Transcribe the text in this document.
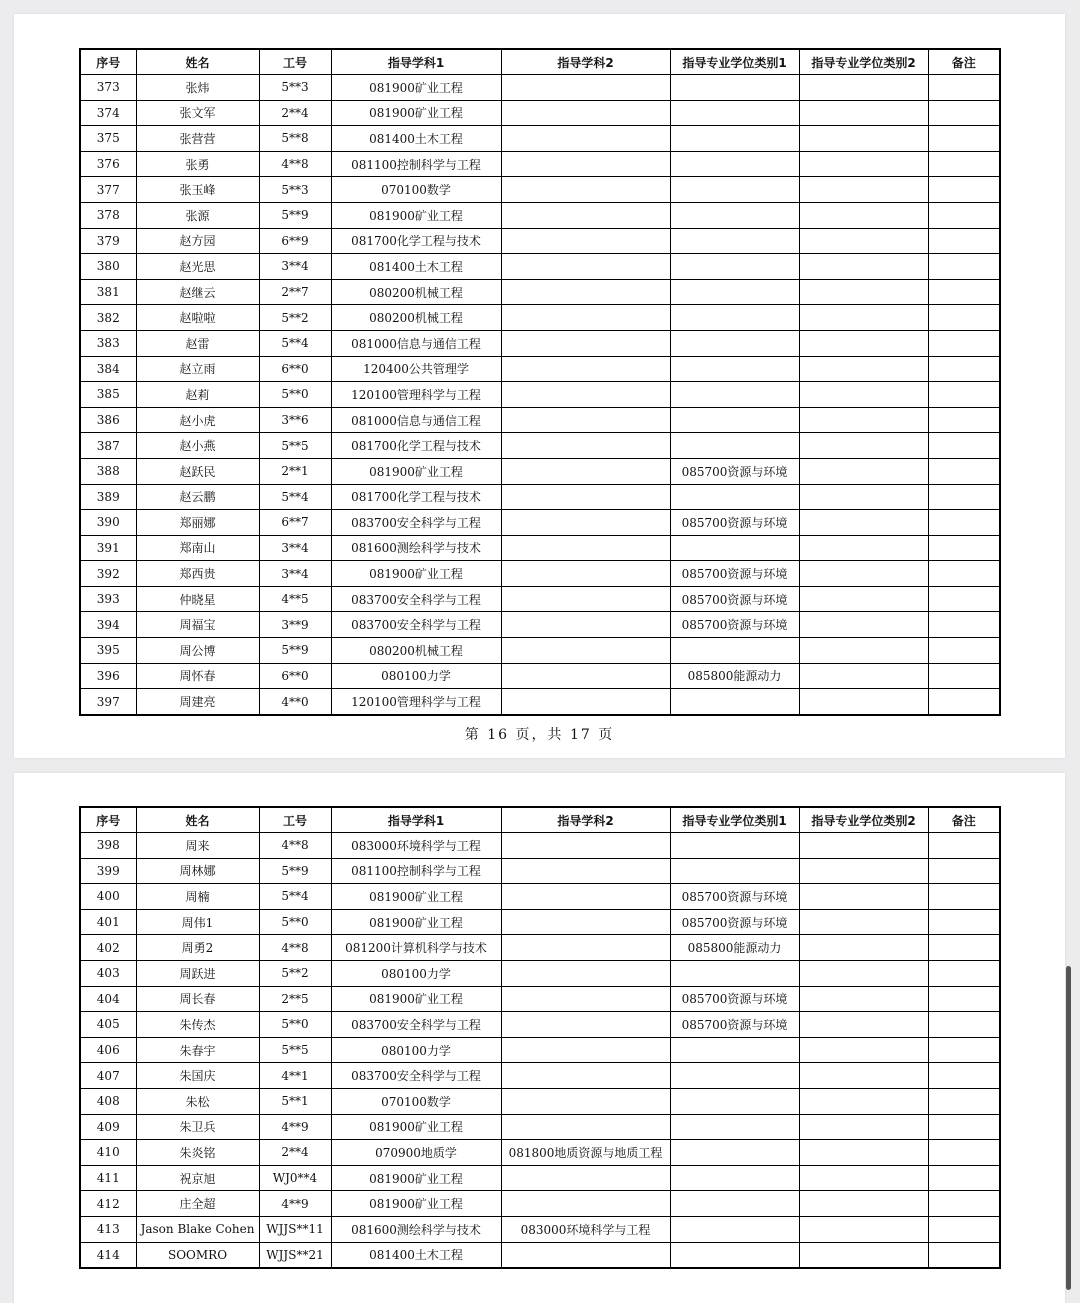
序号	姓名	工号	指导学科1	指导学科2	指导专业学位类别1	指导专业学位类别2	备注
373	张炜	5**3	081900矿业工程				
374	张文军	2**4	081900矿业工程				
375	张营营	5**8	081400土木工程				
376	张勇	4**8	081100控制科学与工程				
377	张玉峰	5**3	070100数学				
378	张源	5**9	081900矿业工程				
379	赵方园	6**9	081700化学工程与技术				
380	赵光思	3**4	081400土木工程				
381	赵继云	2**7	080200机械工程				
382	赵啦啦	5**2	080200机械工程				
383	赵雷	5**4	081000信息与通信工程				
384	赵立雨	6**0	120400公共管理学				
385	赵莉	5**0	120100管理科学与工程				
386	赵小虎	3**6	081000信息与通信工程				
387	赵小燕	5**5	081700化学工程与技术				
388	赵跃民	2**1	081900矿业工程		085700资源与环境		
389	赵云鹏	5**4	081700化学工程与技术				
390	郑丽娜	6**7	083700安全科学与工程		085700资源与环境		
391	郑南山	3**4	081600测绘科学与技术				
392	郑西贵	3**4	081900矿业工程		085700资源与环境		
393	仲晓星	4**5	083700安全科学与工程		085700资源与环境		
394	周福宝	3**9	083700安全科学与工程		085700资源与环境		
395	周公博	5**9	080200机械工程				
396	周怀春	6**0	080100力学		085800能源动力		
397	周建亮	4**0	120100管理科学与工程				
第 16 页，共 17 页
序号	姓名	工号	指导学科1	指导学科2	指导专业学位类别1	指导专业学位类别2	备注
398	周来	4**8	083000环境科学与工程				
399	周林娜	5**9	081100控制科学与工程				
400	周楠	5**4	081900矿业工程		085700资源与环境		
401	周伟1	5**0	081900矿业工程		085700资源与环境		
402	周勇2	4**8	081200计算机科学与技术		085800能源动力		
403	周跃进	5**2	080100力学				
404	周长春	2**5	081900矿业工程		085700资源与环境		
405	朱传杰	5**0	083700安全科学与工程		085700资源与环境		
406	朱春宇	5**5	080100力学				
407	朱国庆	4**1	083700安全科学与工程				
408	朱松	5**1	070100数学				
409	朱卫兵	4**9	081900矿业工程				
410	朱炎铭	2**4	070900地质学	081800地质资源与地质工程			
411	祝京旭	WJ0**4	081900矿业工程				
412	庄全超	4**9	081900矿业工程				
413	Jason Blake Cohen	WJJS**11	081600测绘科学与技术	083000环境科学与工程			
414	SOOMRO	WJJS**21	081400土木工程				
